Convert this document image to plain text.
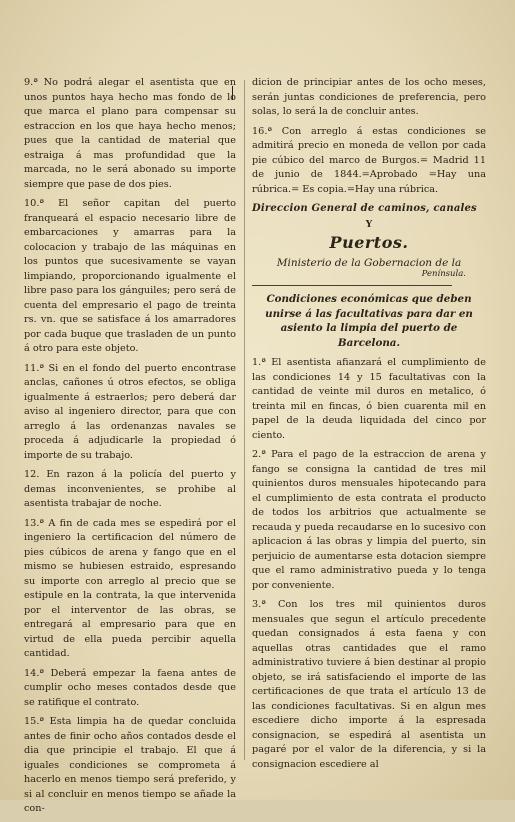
9.ª No podrá alegar el asentista que en unos puntos haya hecho mas fondo de lo que marca el plano para compensar su estraccion en los que haya hecho menos; pues que la cantidad de material que estraiga á mas profundidad que la marcada, no le será abonado su importe siempre que pase de dos pies.

10.ª El señor capitan del puerto franqueará el espacio necesario libre de embarcaciones y amarras para la colocacion y trabajo de las máquinas en los puntos que sucesivamente se vayan limpiando, proporcionando igualmente el libre paso para los gánguiles; pero será de cuenta del empresario el pago de treinta rs. vn. que se satisface á los amarradores por cada buque que trasladen de un punto á otro para este objeto.

11.ª Si en el fondo del puerto encontrase anclas, cañones ú otros efectos, se obliga igualmente á estraerlos; pero deberá dar aviso al ingeniero director, para que con arreglo á las ordenanzas navales se proceda á adjudicarle la propiedad ó importe de su trabajo.

12. En razon á la policía del puerto y demas inconvenientes, se prohibe al asentista trabajar de noche.

13.ª A fin de cada mes se espedirá por el ingeniero la certificacion del número de pies cúbicos de arena y fango que en el mismo se hubiesen estraido, espresando su importe con arreglo al precio que se estipule en la contrata, la que intervenida por el interventor de las obras, se entregará al empresario para que en virtud de ella pueda percibir aquella cantidad.

14.ª Deberá empezar la faena antes de cumplir ocho meses contados desde que se ratifique el contrato.

15.ª Esta limpia ha de quedar concluida antes de finir ocho años contados desde el dia que principie el trabajo. El que á iguales condiciones se comprometa á hacerlo en menos tiempo será preferido, y si al concluir en menos tiempo se añade la con-

dicion de principiar antes de los ocho meses, serán juntas condiciones de preferencia, pero solas, lo será la de concluir antes.

16.ª Con arreglo á estas condiciones se admitirá precio en moneda de vellon por cada pie cúbico del marco de Burgos.= Madrid 11 de junio de 1844.=Aprobado =Hay una rúbrica.= Es copia.=Hay una rúbrica.

Direccion General de caminos, canales
Y
Puertos.
Ministerio de la Gobernacion de la
Península.
Condiciones económicas que deben unirse á las facultativas para dar en asiento la limpia del puerto de Barcelona.

1.ª El asentista afianzará el cumplimiento de las condiciones 14 y 15 facultativas con la cantidad de veinte mil duros en metalico, ó treinta mil en fincas, ó bien cuarenta mil en papel de la deuda liquidada del cinco por ciento.

2.ª Para el pago de la estraccion de arena y fango se consigna la cantidad de tres mil quinientos duros mensuales hipotecando para el cumplimiento de esta contrata el producto de todos los arbitrios que actualmente se recauda y pueda recaudarse en lo sucesivo con aplicacion á las obras y limpia del puerto, sin perjuicio de aumentarse esta dotacion siempre que el ramo administrativo pueda y lo tenga por conveniente.

3.ª Con los tres mil quinientos duros mensuales que segun el artículo precedente quedan consignados á esta faena y con aquellas otras cantidades que el ramo administrativo tuviere á bien destinar al propio objeto, se irá satisfaciendo el importe de las certificaciones de que trata el artículo 13 de las condiciones facultativas. Si en algun mes escediere dicho importe á la espresada consignacion, se espedirá al asentista un pagaré por el valor de la diferencia, y si la consignacion escediere al
